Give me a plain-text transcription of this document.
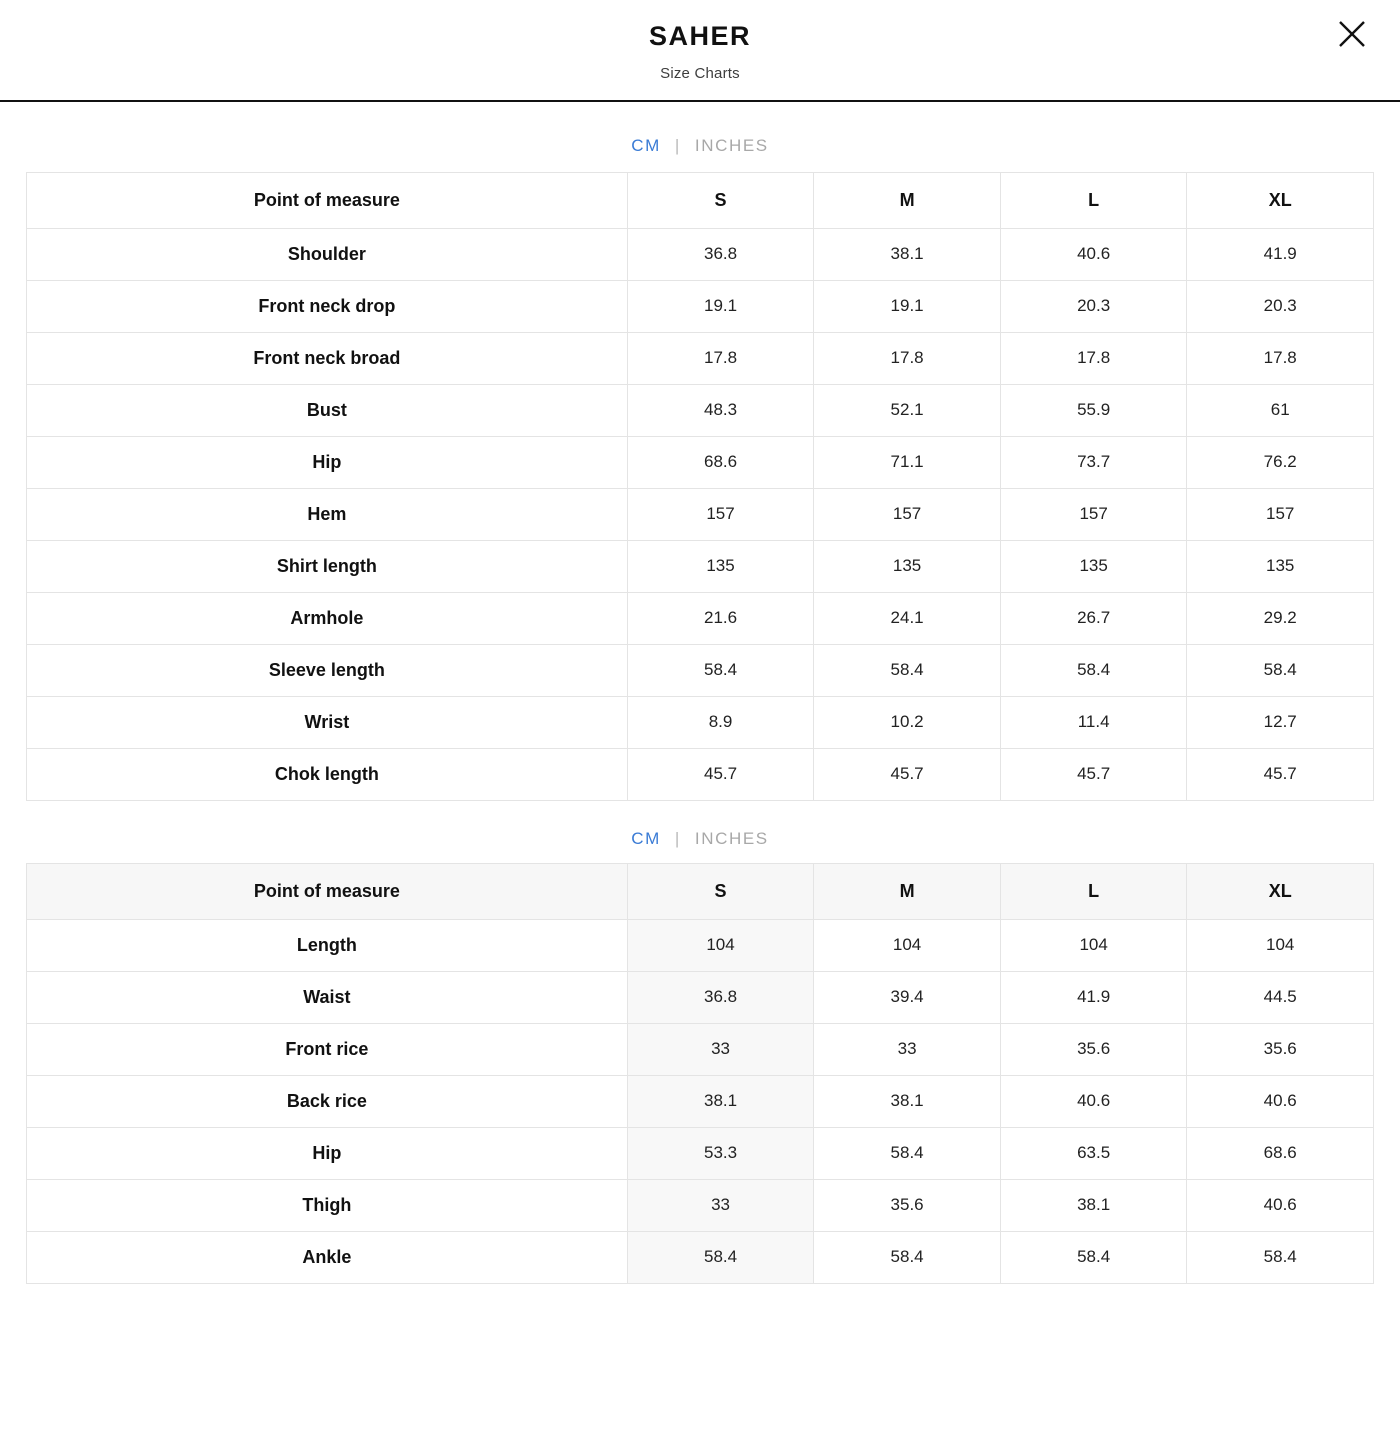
SAHER
Size Charts
CM | INCHES
Point of measure	S	M	L	XL
Shoulder	36.8	38.1	40.6	41.9
Front neck drop	19.1	19.1	20.3	20.3
Front neck broad	17.8	17.8	17.8	17.8
Bust	48.3	52.1	55.9	61
Hip	68.6	71.1	73.7	76.2
Hem	157	157	157	157
Shirt length	135	135	135	135
Armhole	21.6	24.1	26.7	29.2
Sleeve length	58.4	58.4	58.4	58.4
Wrist	8.9	10.2	11.4	12.7
Chok length	45.7	45.7	45.7	45.7
CM | INCHES
Point of measure	S	M	L	XL
Length	104	104	104	104
Waist	36.8	39.4	41.9	44.5
Front rice	33	33	35.6	35.6
Back rice	38.1	38.1	40.6	40.6
Hip	53.3	58.4	63.5	68.6
Thigh	33	35.6	38.1	40.6
Ankle	58.4	58.4	58.4	58.4
